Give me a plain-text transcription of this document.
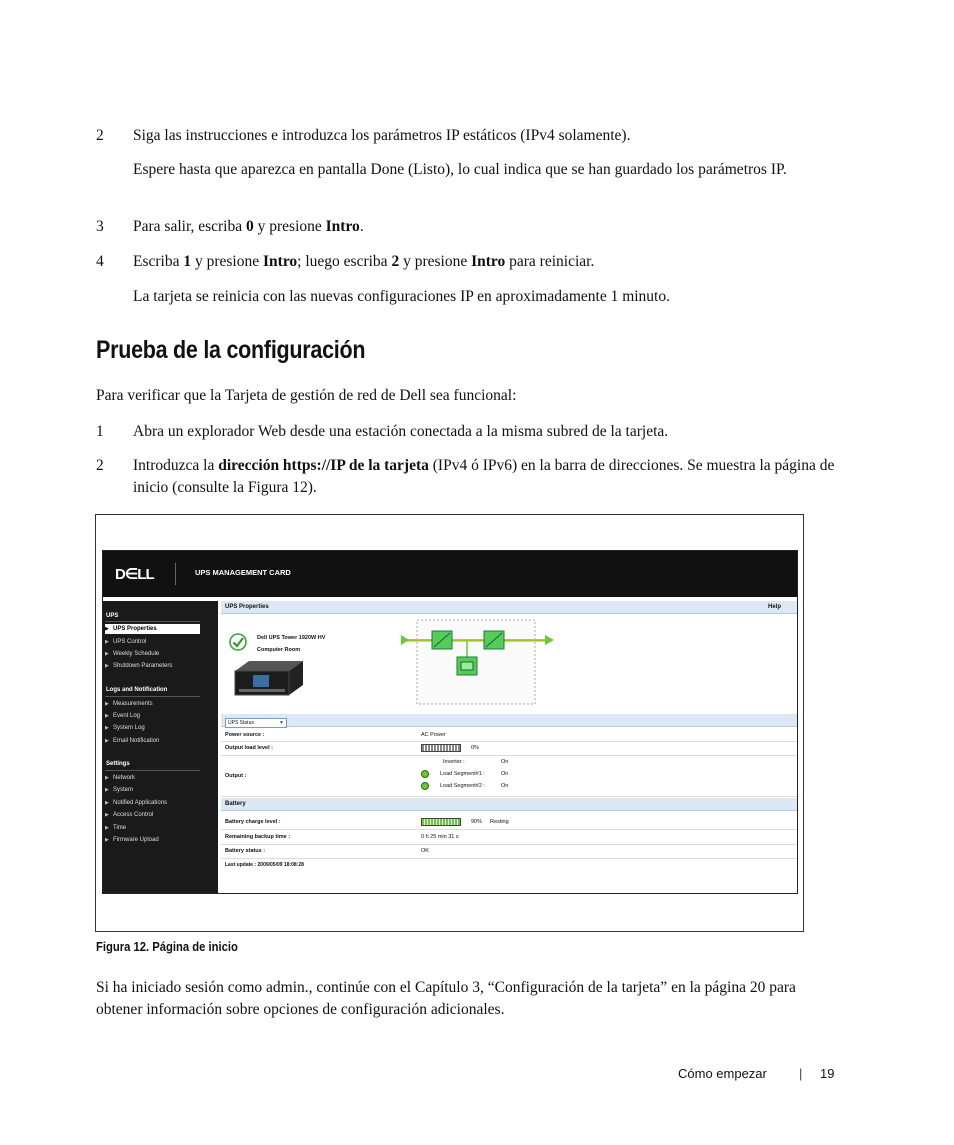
2 Siga las instrucciones e introduzca los parámetros IP estáticos (IPv4 solamente).

Espere hasta que aparezca en pantalla Done (Listo), lo cual indica que se han guardado los parámetros IP.

3 Para salir, escriba 0 y presione Intro.

4 Escriba 1 y presione Intro; luego escriba 2 y presione Intro para reiniciar.

La tarjeta se reinicia con las nuevas configuraciones IP en aproximadamente 1 minuto.

Prueba de la configuración

Para verificar que la Tarjeta de gestión de red de Dell sea funcional:

1 Abra un explorador Web desde una estación conectada a la misma subred de la tarjeta.

2 Introduzca la dirección https://IP de la tarjeta (IPv4 ó IPv6) en la barra de direcciones. Se muestra la página de inicio (consulte la Figura 12).

D∈LL	UPS MANAGEMENT CARD
UPS
▶ UPS Properties
▶ UPS Control
▶ Weekly Schedule
▶ Shutdown Parameters
Logs and Notification
▶ Measurements
▶ Event Log
▶ System Log
▶ Email Notification
Settings
▶ Network
▶ System
▶ Notified Applications
▶ Access Control
▶ Time
▶ Firmware Upload
UPS Properties	Help
Dell UPS Tower 1920W HV
Computer Room
UPS Status	▼
Power source :	AC Power
Output load level :	0%
Output :
Inverter :	On
Load Segment#1 :	On
Load Segment#2 :	On
Battery
Battery charge level :	90% Resting
Remaining backup time :	0 h 25 min 31 s
Battery status :	OK
Last update : 2009/05/09 18:08:28
Figura 12. Página de inicio

Si ha iniciado sesión como admin., continúe con el Capítulo 3, “Configuración de la tarjeta” en la página 20 para obtener información sobre opciones de configuración adicionales.

Cómo empezar | 19
